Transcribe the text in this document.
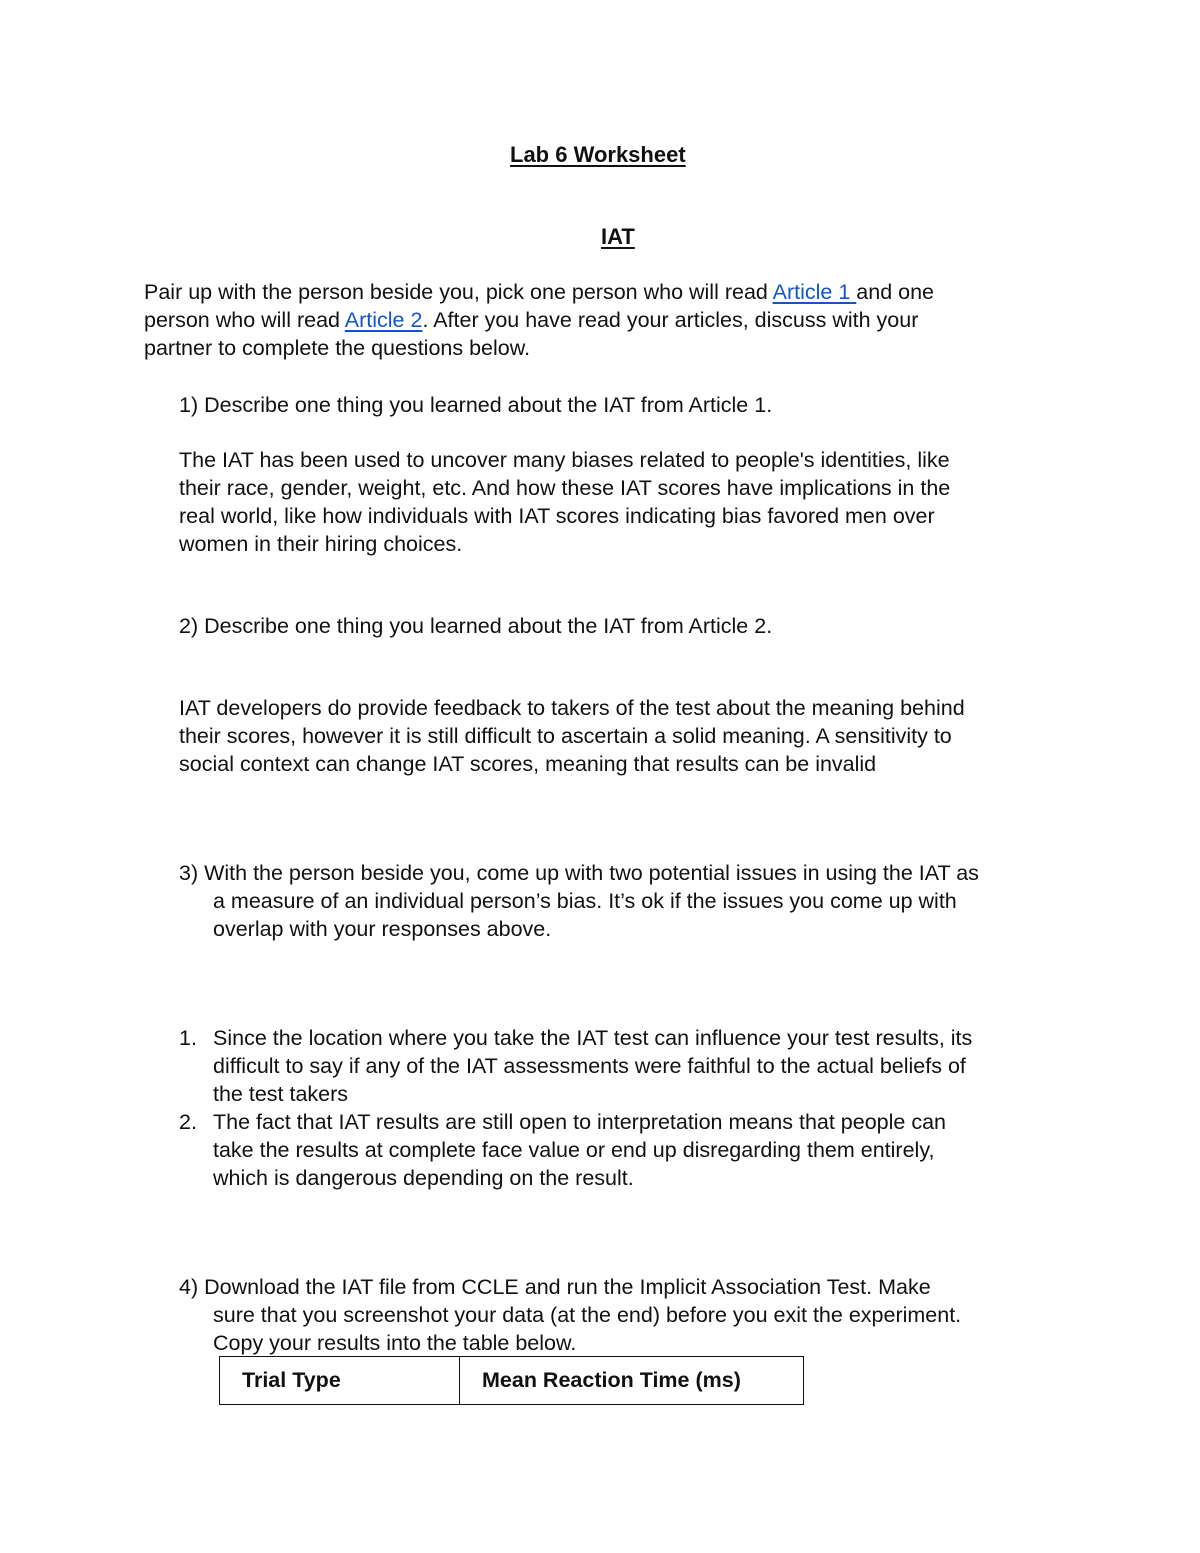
Lab 6 Worksheet
IAT
Pair up with the person beside you, pick one person who will read Article 1 and one
person who will read Article 2. After you have read your articles, discuss with your
partner to complete the questions below.
1) Describe one thing you learned about the IAT from Article 1.
The IAT has been used to uncover many biases related to people's identities, like
their race, gender, weight, etc. And how these IAT scores have implications in the
real world, like how individuals with IAT scores indicating bias favored men over
women in their hiring choices.
2) Describe one thing you learned about the IAT from Article 2.
IAT developers do provide feedback to takers of the test about the meaning behind
their scores, however it is still difficult to ascertain a solid meaning. A sensitivity to
social context can change IAT scores, meaning that results can be invalid
3) With the person beside you, come up with two potential issues in using the IAT as
a measure of an individual person’s bias. It’s ok if the issues you come up with
overlap with your responses above.
1. Since the location where you take the IAT test can influence your test results, its
difficult to say if any of the IAT assessments were faithful to the actual beliefs of
the test takers
2. The fact that IAT results are still open to interpretation means that people can
take the results at complete face value or end up disregarding them entirely,
which is dangerous depending on the result.
4) Download the IAT file from CCLE and run the Implicit Association Test. Make
sure that you screenshot your data (at the end) before you exit the experiment.
Copy your results into the table below.
Trial Type	Mean Reaction Time (ms)
